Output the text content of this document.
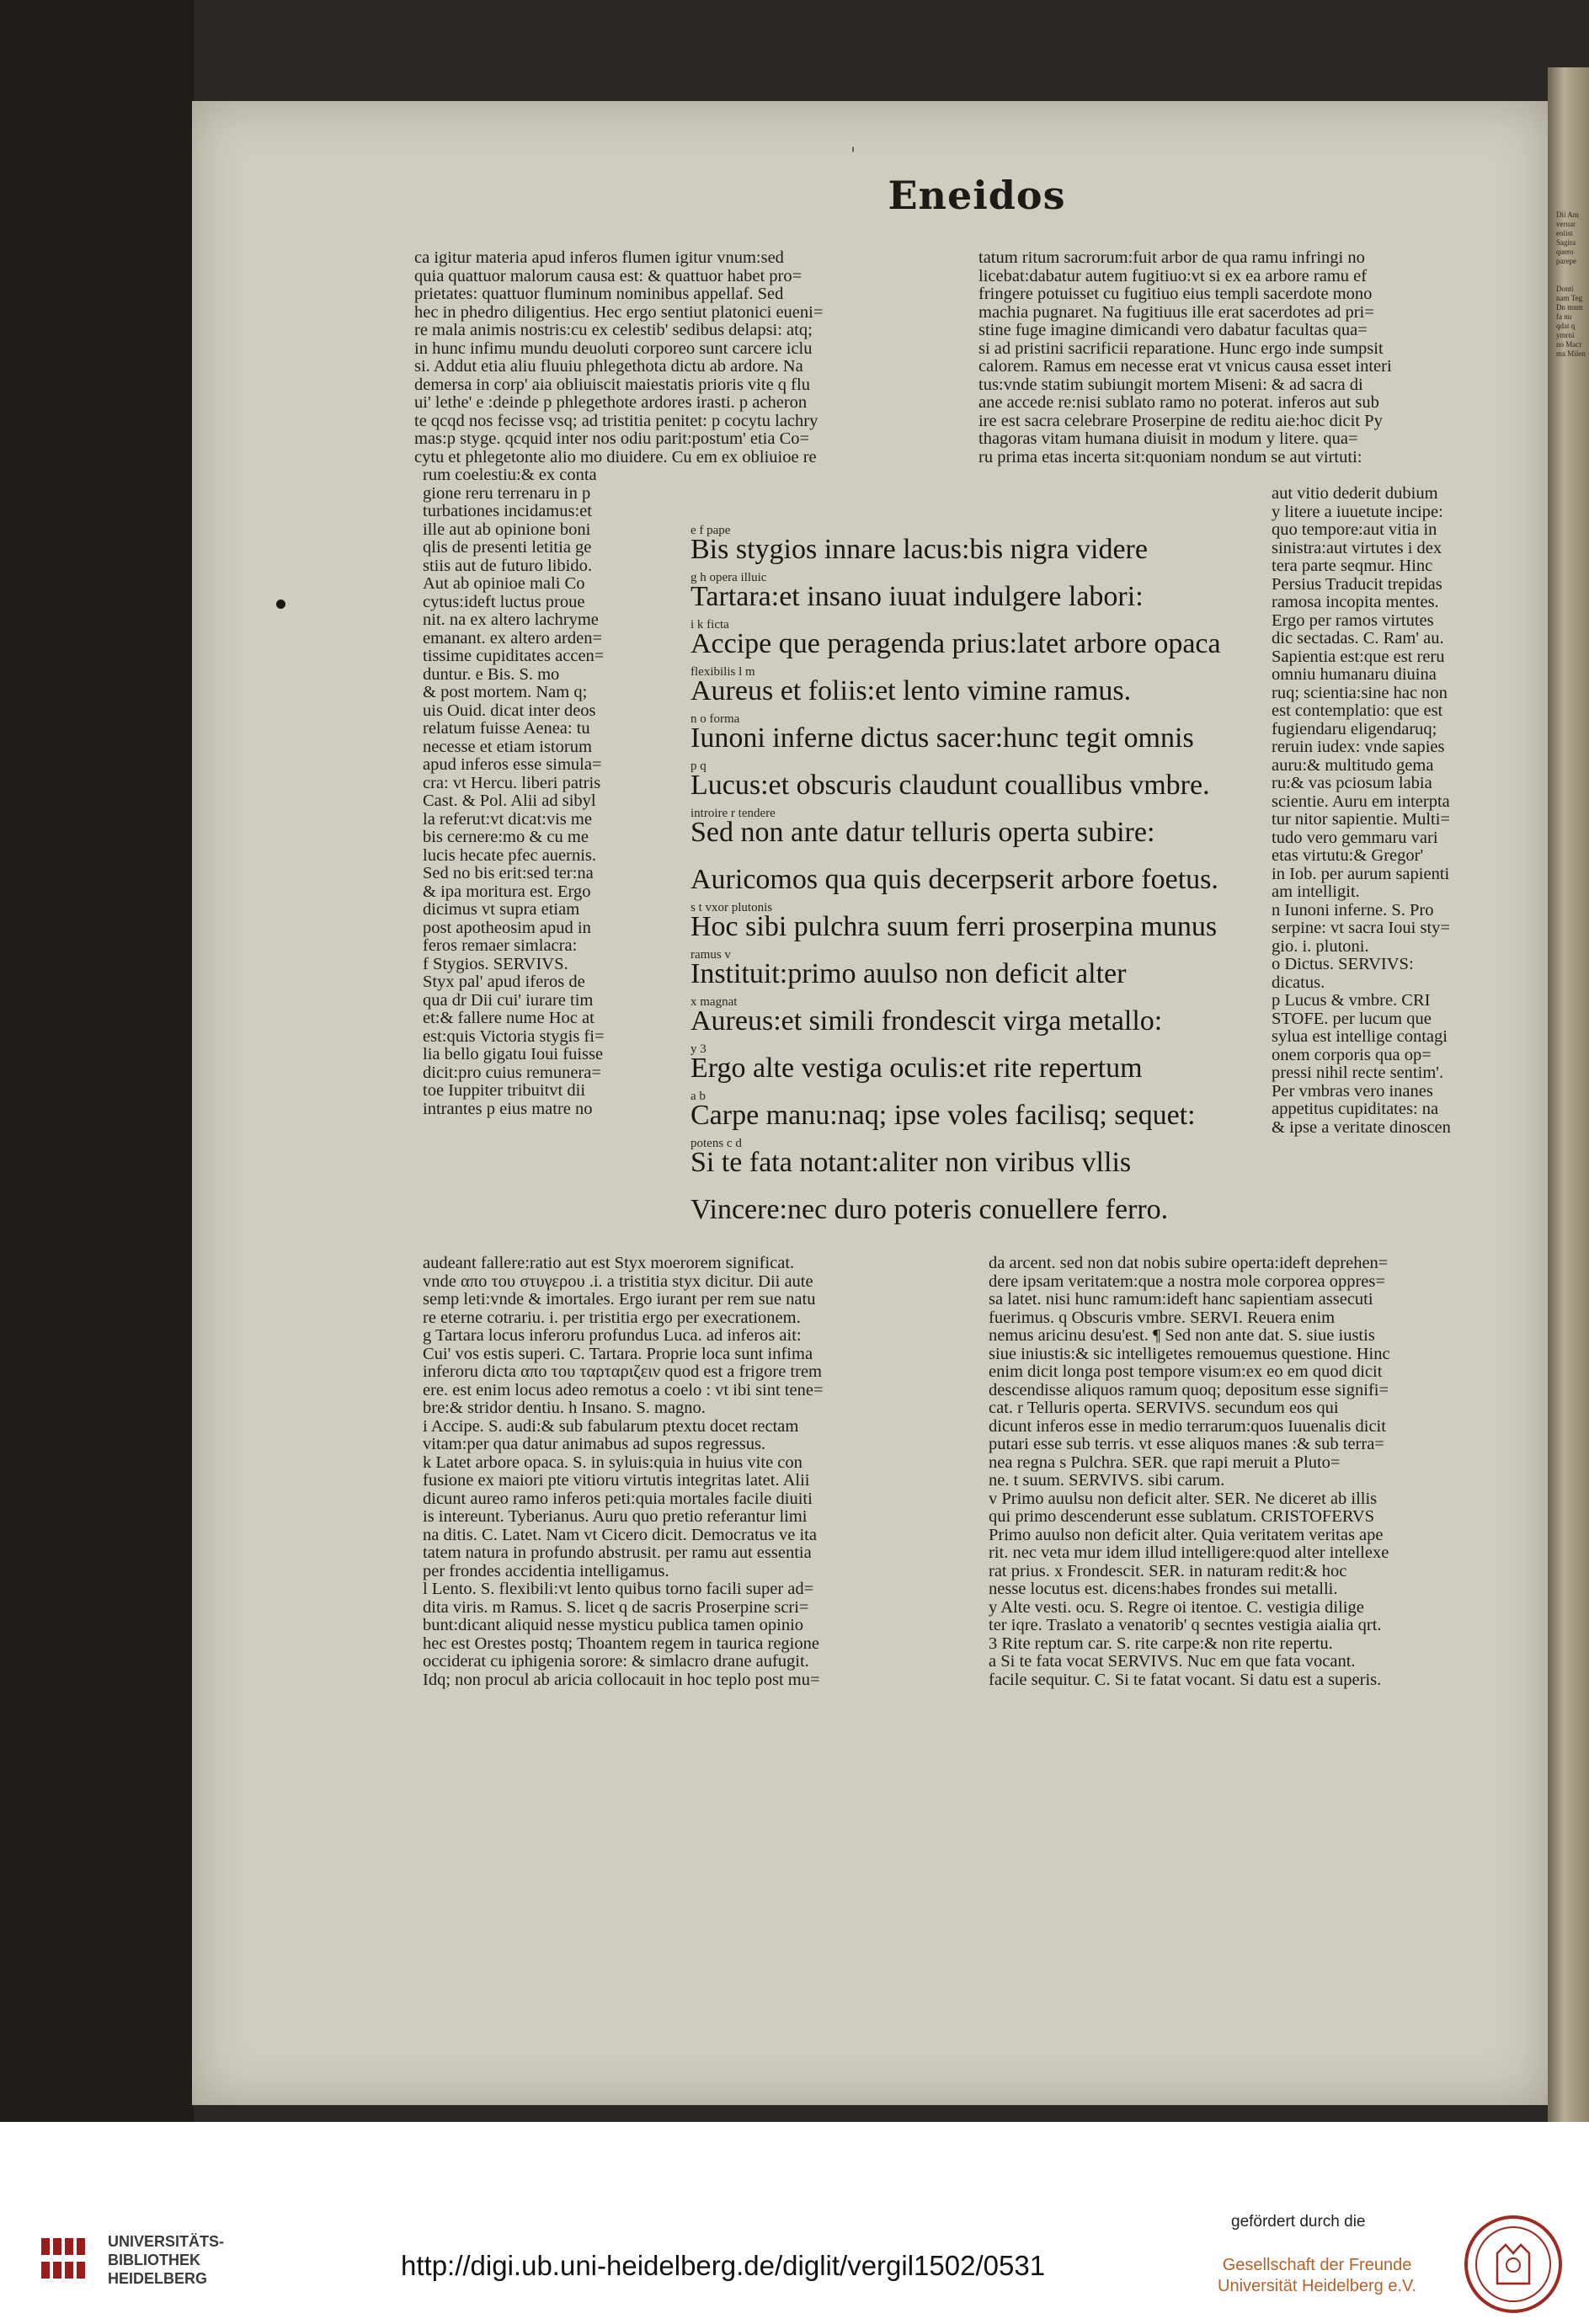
Dii Am
veruar
eolist
Sagira
quero
parepe
Donti
nam Teg
Dn mum
fa nu
qdat q
ymrni
no Macr
ma Milen
'
Eneidos
ca igitur materia apud inferos flumen igitur vnum:sed
quia quattuor malorum causa est: & quattuor habet pro=
prietates: quattuor fluminum nominibus appellaf. Sed
hec in phedro diligentius. Hec ergo sentiut platonici eueni=
re mala animis nostris:cu ex celestib' sedibus delapsi: atq;
in hunc infimu mundu deuoluti corporeo sunt carcere iclu
si. Addut etia aliu fluuiu phlegethota dictu ab ardore. Na
demersa in corp' aia obliuiscit maiestatis prioris vite q flu
ui' lethe' e :deinde p phlegethote ardores irasti. p acheron
te qcqd nos fecisse vsq; ad tristitia penitet: p cocytu lachry
mas:p styge. qcquid inter nos odiu parit:postum' etia Co=
cytu et phlegetonte alio mo diuidere. Cu em ex obliuioe re
tatum ritum sacrorum:fuit arbor de qua ramu infringi no
licebat:dabatur autem fugitiuo:vt si ex ea arbore ramu ef
fringere potuisset cu fugitiuo eius templi sacerdote mono
machia pugnaret. Na fugitiuus ille erat sacerdotes ad pri=
stine fuge imagine dimicandi vero dabatur facultas qua=
si ad pristini sacrificii reparatione. Hunc ergo inde sumpsit
calorem. Ramus em necesse erat vt vnicus causa esset interi
tus:vnde statim subiungit mortem Miseni: & ad sacra di
ane accede re:nisi sublato ramo no poterat. inferos aut sub
ire est sacra celebrare Proserpine de reditu aie:hoc dicit Py
thagoras vitam humana diuisit in modum y litere. qua=
ru prima etas incerta sit:quoniam nondum se aut virtuti:
rum coelestiu:& ex conta
gione reru terrenaru in p
turbationes incidamus:et
ille aut ab opinione boni
qlis de presenti letitia ge
stiis aut de futuro libido.
Aut ab opinioe mali Co
cytus:ideft luctus proue
nit. na ex altero lachryme
emanant. ex altero arden=
tissime cupiditates accen=
duntur. e Bis. S. mo
& post mortem. Nam q;
uis Ouid. dicat inter deos
relatum fuisse Aenea: tu
necesse et etiam istorum
apud inferos esse simula=
cra: vt Hercu. liberi patris
Cast. & Pol. Alii ad sibyl
la referut:vt dicat:vis me
bis cernere:mo & cu me
lucis hecate pfec auernis.
Sed no bis erit:sed ter:na
& ipa moritura est. Ergo
dicimus vt supra etiam
post apotheosim apud in
feros remaer simlacra:
f Stygios. SERVIVS.
Styx pal' apud iferos de
qua dr Dii cui' iurare tim
et:& fallere nume Hoc at
est:quis Victoria stygis fi=
lia bello gigatu Ioui fuisse
dicit:pro cuius remunera=
toe Iuppiter tribuitvt dii
intrantes p eius matre no
aut vitio dederit dubium
y litere a iuuetute incipe:
quo tempore:aut vitia in
sinistra:aut virtutes i dex
tera parte seqmur. Hinc
Persius Traducit trepidas
ramosa incopita mentes.
Ergo per ramos virtutes
dic sectadas. C. Ram' au.
Sapientia est:que est reru
omniu humanaru diuina
ruq; scientia:sine hac non
est contemplatio: que est
fugiendaru eligendaruq;
reruin iudex: vnde sapies
auru:& multitudo gema
ru:& vas pciosum labia
scientie. Auru em interpta
tur nitor sapientie. Multi=
tudo vero gemmaru vari
etas virtutu:& Gregor'
in Iob. per aurum sapienti
am intelligit.
n Iunoni inferne. S. Pro
serpine: vt sacra Ioui sty=
gio. i. plutoni.
o Dictus. SERVIVS:
dicatus.
p Lucus & vmbre. CRI
STOFE. per lucum que
sylua est intellige contagi
onem corporis qua op=
pressi nihil recte sentim'.
Per vmbras vero inanes
appetitus cupiditates: na
& ipse a veritate dinoscen
e f pape
Bis stygios innare lacus:bis nigra videre
g h opera illuic
Tartara:et insano iuuat indulgere labori:
i k ficta
Accipe que peragenda prius:latet arbore opaca
flexibilis l m
Aureus et foliis:et lento vimine ramus.
n o forma
Iunoni inferne dictus sacer:hunc tegit omnis
p q
Lucus:et obscuris claudunt couallibus vmbre.
introire r tendere
Sed non ante datur telluris operta subire:
Auricomos qua quis decerpserit arbore foetus.
s t vxor plutonis
Hoc sibi pulchra suum ferri proserpina munus
ramus v
Instituit:primo auulso non deficit alter
x magnat
Aureus:et simili frondescit virga metallo:
y 3
Ergo alte vestiga oculis:et rite repertum
a b
Carpe manu:naq; ipse voles facilisq; sequet:
potens c d
Si te fata notant:aliter non viribus vllis
Vincere:nec duro poteris conuellere ferro.
audeant fallere:ratio aut est Styx moerorem significat.
vnde απο του στυγερου .i. a tristitia styx dicitur. Dii aute
semp leti:vnde & imortales. Ergo iurant per rem sue natu
re eterne cotrariu. i. per tristitia ergo per execrationem.
g Tartara locus inferoru profundus Luca. ad inferos ait:
Cui' vos estis superi. C. Tartara. Proprie loca sunt infima
inferoru dicta απο του ταρταριζειν quod est a frigore trem
ere. est enim locus adeo remotus a coelo : vt ibi sint tene=
bre:& stridor dentiu. h Insano. S. magno.
i Accipe. S. audi:& sub fabularum ptextu docet rectam
vitam:per qua datur animabus ad supos regressus.
k Latet arbore opaca. S. in syluis:quia in huius vite con
fusione ex maiori pte vitioru virtutis integritas latet. Alii
dicunt aureo ramo inferos peti:quia mortales facile diuiti
is intereunt. Tyberianus. Auru quo pretio referantur limi
na ditis. C. Latet. Nam vt Cicero dicit. Democratus ve ita
tatem natura in profundo abstrusit. per ramu aut essentia
per frondes accidentia intelligamus.
l Lento. S. flexibili:vt lento quibus torno facili super ad=
dita viris. m Ramus. S. licet q de sacris Proserpine scri=
bunt:dicant aliquid nesse mysticu publica tamen opinio
hec est Orestes postq; Thoantem regem in taurica regione
occiderat cu iphigenia sorore: & simlacro drane aufugit.
Idq; non procul ab aricia collocauit in hoc teplo post mu=
da arcent. sed non dat nobis subire operta:ideft deprehen=
dere ipsam veritatem:que a nostra mole corporea oppres=
sa latet. nisi hunc ramum:ideft hanc sapientiam assecuti
fuerimus. q Obscuris vmbre. SERVI. Reuera enim
nemus aricinu desu'est. ¶ Sed non ante dat. S. siue iustis
siue iniustis:& sic intelligetes remouemus questione. Hinc
enim dicit longa post tempore visum:ex eo em quod dicit
descendisse aliquos ramum quoq; depositum esse signifi=
cat. r Telluris operta. SERVIVS. secundum eos qui
dicunt inferos esse in medio terrarum:quos Iuuenalis dicit
putari esse sub terris. vt esse aliquos manes :& sub terra=
nea regna s Pulchra. SER. que rapi meruit a Pluto=
ne. t suum. SERVIVS. sibi carum.
v Primo auulsu non deficit alter. SER. Ne diceret ab illis
qui primo descenderunt esse sublatum. CRISTOFERVS
Primo auulso non deficit alter. Quia veritatem veritas ape
rit. nec veta mur idem illud intelligere:quod alter intellexe
rat prius. x Frondescit. SER. in naturam redit:& hoc
nesse locutus est. dicens:habes frondes sui metalli.
y Alte vesti. ocu. S. Regre oi itentoe. C. vestigia dilige
ter iqre. Traslato a venatorib' q secntes vestigia aialia qrt.
3 Rite reptum car. S. rite carpe:& non rite repertu.
a Si te fata vocat SERVIVS. Nuc em que fata vocant.
facile sequitur. C. Si te fatat vocant. Si datu est a superis.
UNIVERSITÄTS-
BIBLIOTHEK
HEIDELBERG	http://digi.ub.uni-heidelberg.de/diglit/vergil1502/0531
gefördert durch die
Gesellschaft der Freunde
Universität Heidelberg e.V.
